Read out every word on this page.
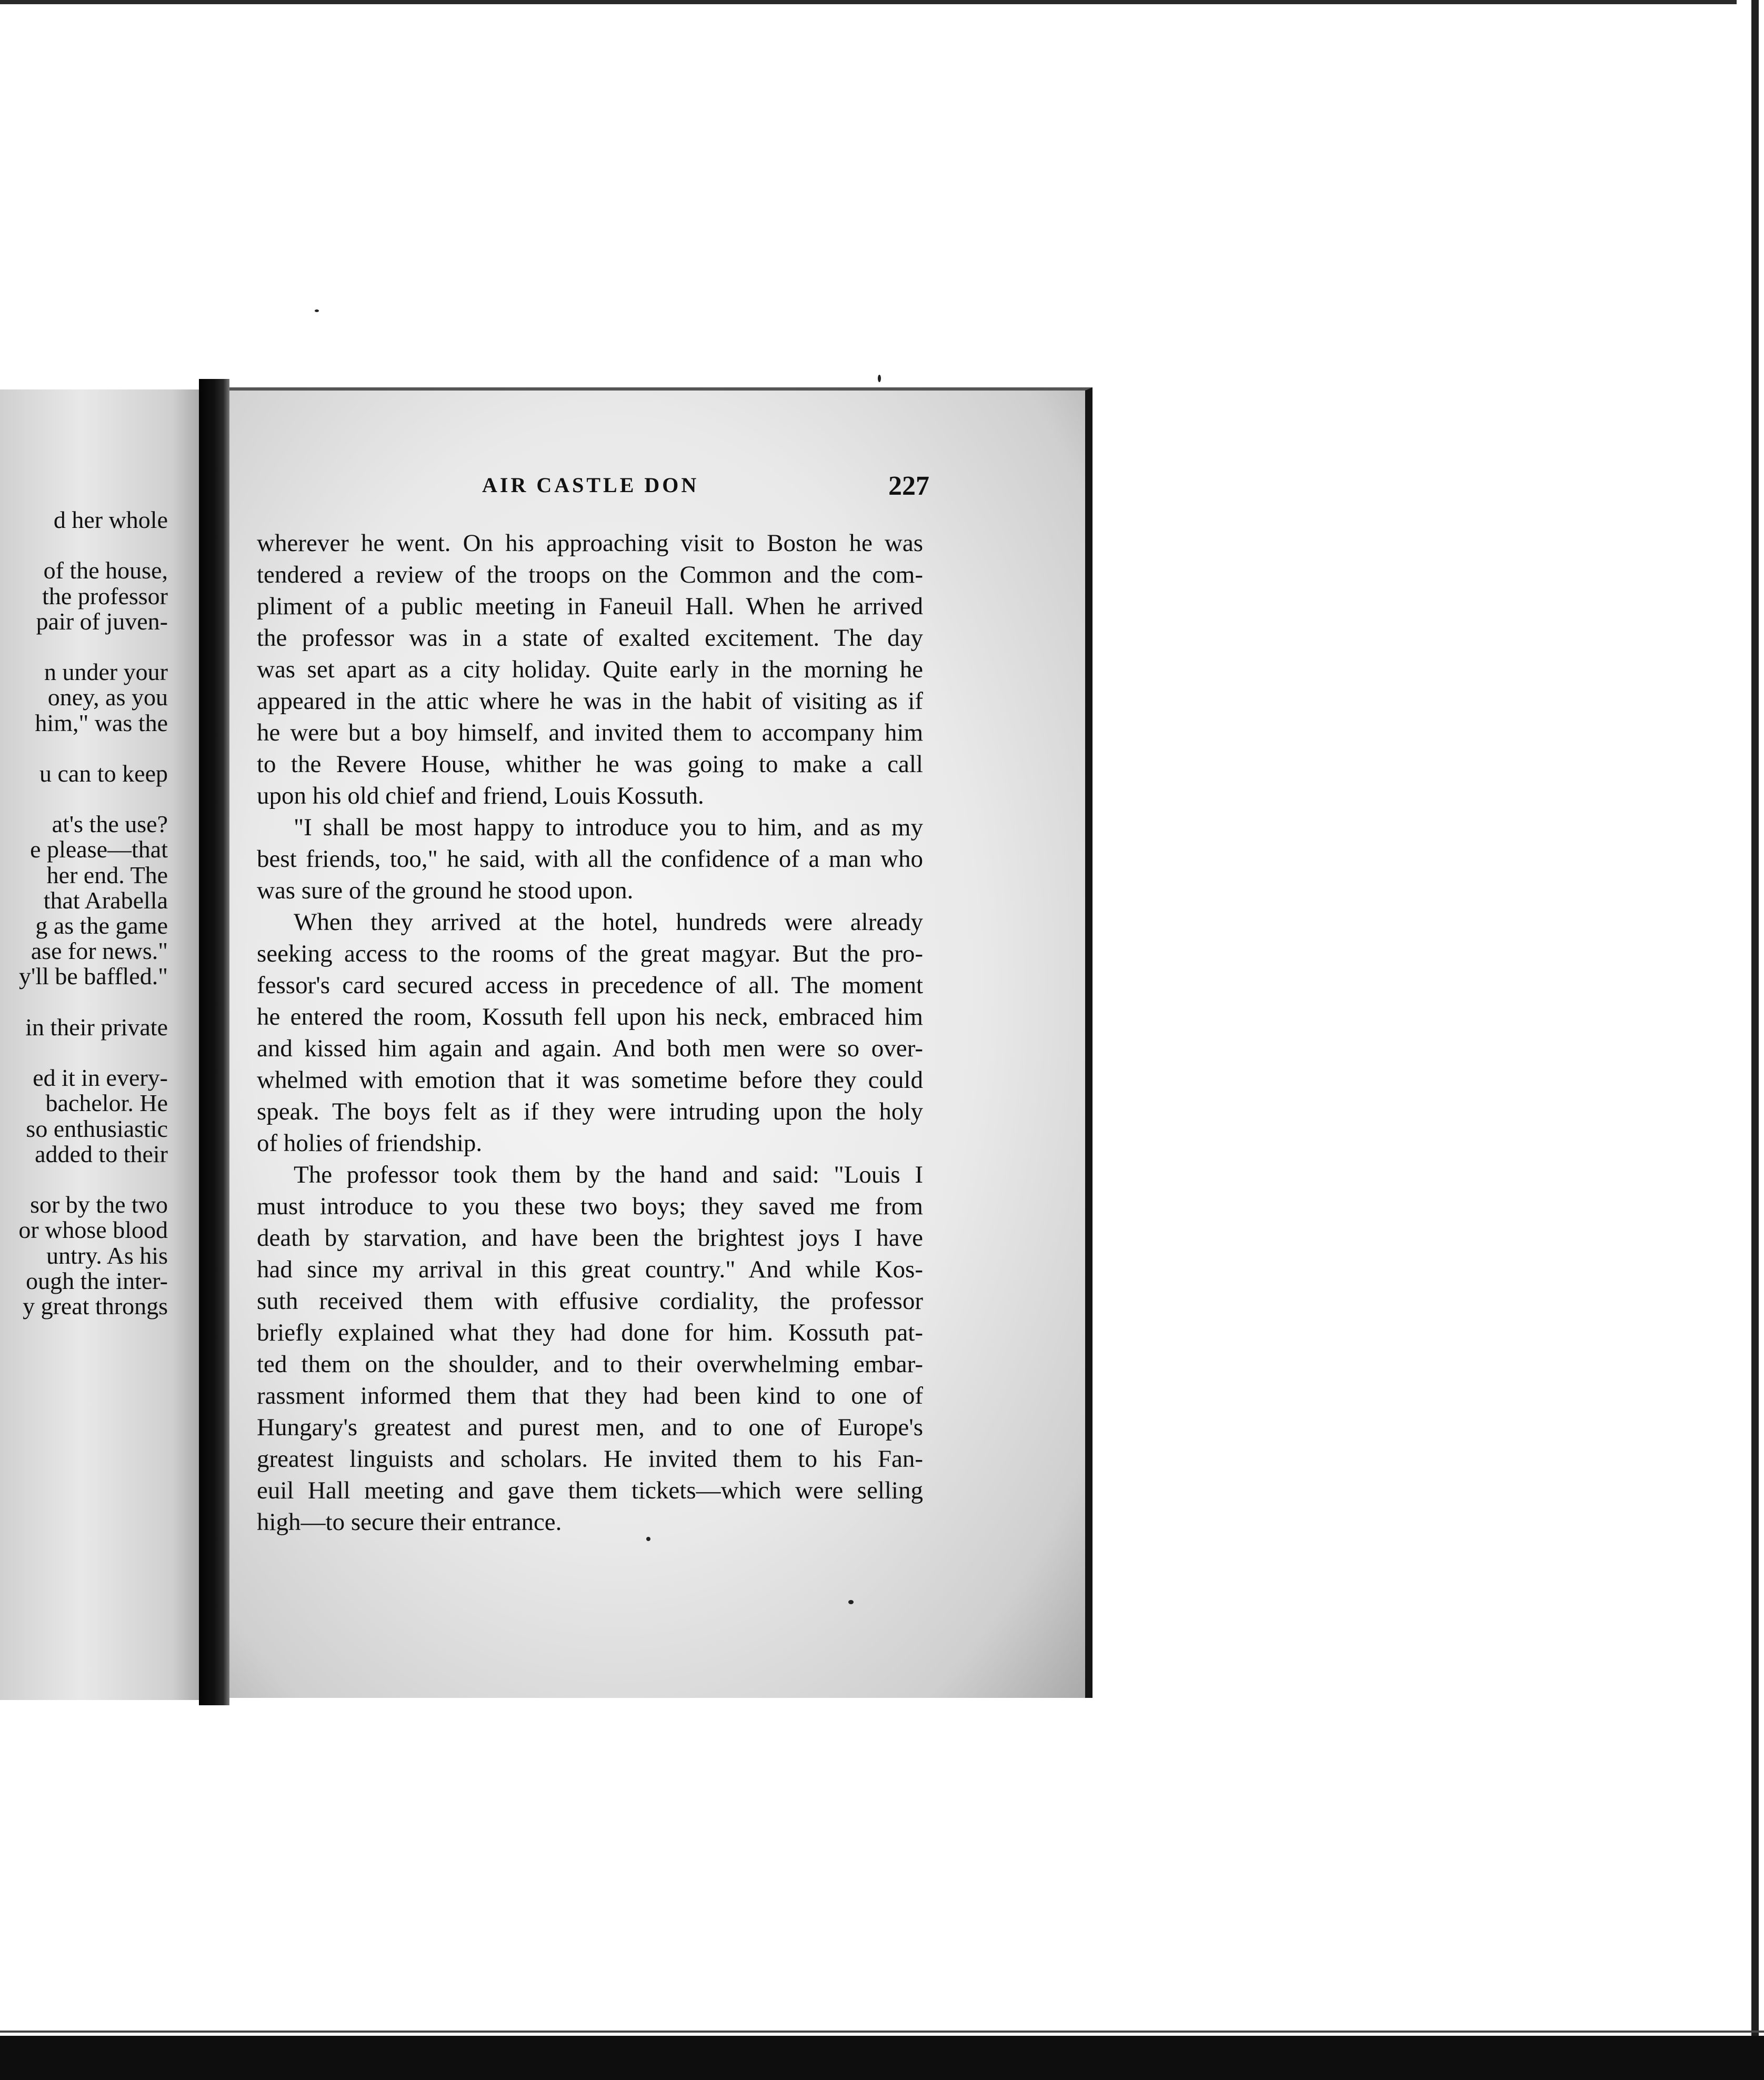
d her whole
of the house,
the professor
pair of juven-
n under your
oney, as you
him," was the
u can to keep
at's the use?
e please—that
her end. The
that Arabella
g as the game
ase for news."
y'll be baffled."
in their private
ed it in every-
bachelor. He
so enthusiastic
added to their
sor by the two
or whose blood
untry. As his
ough the inter-
y great throngs
AIR CASTLE DON	227

wherever he went. On his approaching visit to Boston he was
tendered a review of the troops on the Common and the com-
pliment of a public meeting in Faneuil Hall. When he arrived
the professor was in a state of exalted excitement. The day
was set apart as a city holiday. Quite early in the morning he
appeared in the attic where he was in the habit of visiting as if
he were but a boy himself, and invited them to accompany him
to the Revere House, whither he was going to make a call
upon his old chief and friend, Louis Kossuth.

"I shall be most happy to introduce you to him, and as my
best friends, too," he said, with all the confidence of a man who
was sure of the ground he stood upon.

When they arrived at the hotel, hundreds were already
seeking access to the rooms of the great magyar. But the pro-
fessor's card secured access in precedence of all. The moment
he entered the room, Kossuth fell upon his neck, embraced him
and kissed him again and again. And both men were so over-
whelmed with emotion that it was sometime before they could
speak. The boys felt as if they were intruding upon the holy
of holies of friendship.

The professor took them by the hand and said: "Louis I
must introduce to you these two boys; they saved me from
death by starvation, and have been the brightest joys I have
had since my arrival in this great country." And while Kos-
suth received them with effusive cordiality, the professor
briefly explained what they had done for him. Kossuth pat-
ted them on the shoulder, and to their overwhelming embar-
rassment informed them that they had been kind to one of
Hungary's greatest and purest men, and to one of Europe's
greatest linguists and scholars. He invited them to his Fan-
euil Hall meeting and gave them tickets—which were selling
high—to secure their entrance.
